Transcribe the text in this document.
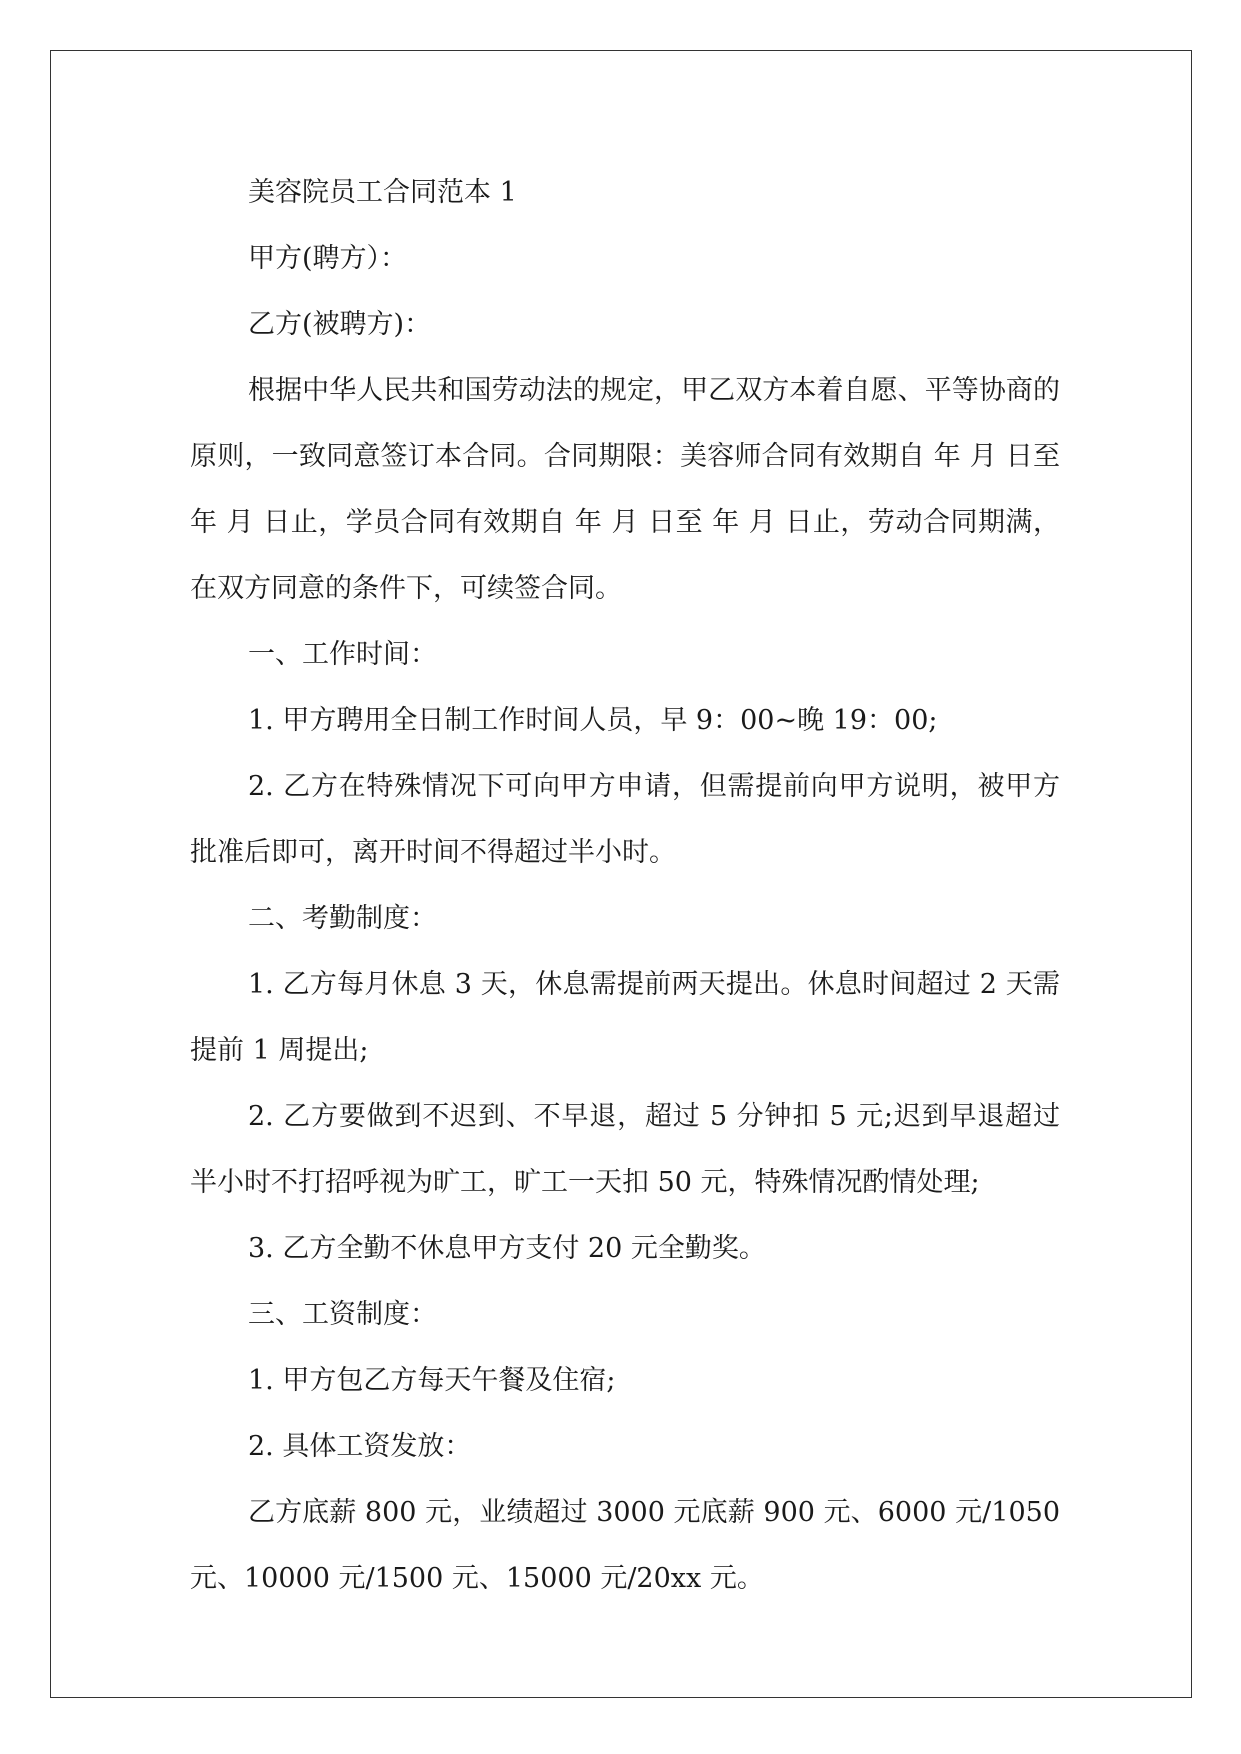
美容院员工合同范本 1

甲方(聘方）：

乙方(被聘方)：

根据中华人民共和国劳动法的规定，甲乙双方本着自愿、平等协商的原则，一致同意签订本合同。合同期限：美容师合同有效期自 年 月 日至 年 月 日止，学员合同有效期自 年 月 日至 年 月 日止，劳动合同期满，在双方同意的条件下，可续签合同。

一、工作时间：

1. 甲方聘用全日制工作时间人员，早 9：00~晚 19：00;

2. 乙方在特殊情况下可向甲方申请，但需提前向甲方说明，被甲方批准后即可，离开时间不得超过半小时。

二、考勤制度：

1. 乙方每月休息 3 天，休息需提前两天提出。休息时间超过 2 天需提前 1 周提出;

2. 乙方要做到不迟到、不早退，超过 5 分钟扣 5 元;迟到早退超过半小时不打招呼视为旷工，旷工一天扣 50 元，特殊情况酌情处理;

3. 乙方全勤不休息甲方支付 20 元全勤奖。

三、工资制度：

1. 甲方包乙方每天午餐及住宿;

2. 具体工资发放：

乙方底薪 800 元，业绩超过 3000 元底薪 900 元、6000 元/1050 元、10000 元/1500 元、15000 元/20xx 元。
